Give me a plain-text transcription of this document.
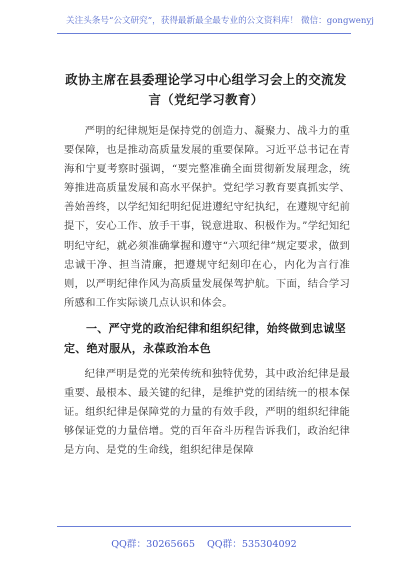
关注头条号“公文研究”，获得最新最全最专业的公文资料库！ 微信：gongwenyj
政协主席在县委理论学习中心组学习会上的交流发言（党纪学习教育）

严明的纪律规矩是保持党的创造力、凝聚力、战斗力的重要保障，也是推动高质量发展的重要保障。习近平总书记在青海和宁夏考察时强调，“要完整准确全面贯彻新发展理念，统筹推进高质量发展和高水平保护。党纪学习教育要真抓实学、善始善终，以学纪知纪明纪促进遵纪守纪执纪，在遵规守纪前提下，安心工作、放手干事，锐意进取、积极作为。”学纪知纪明纪守纪，就必须准确掌握和遵守“六项纪律”规定要求，做到忠诚干净、担当清廉，把遵规守纪刻印在心，内化为言行准则，以严明纪律作风为高质量发展保驾护航。下面，结合学习所感和工作实际谈几点认识和体会。

一、严守党的政治纪律和组织纪律，始终做到忠诚坚定、绝对服从，永葆政治本色

纪律严明是党的光荣传统和独特优势，其中政治纪律是最重要、最根本、最关键的纪律，是维护党的团结统一的根本保证。组织纪律是保障党的力量的有效手段，严明的组织纪律能够保证党的力量倍增。党的百年奋斗历程告诉我们，政治纪律是方向、是党的生命线，组织纪律是保障

QQ群：30265665 QQ群：535304092
